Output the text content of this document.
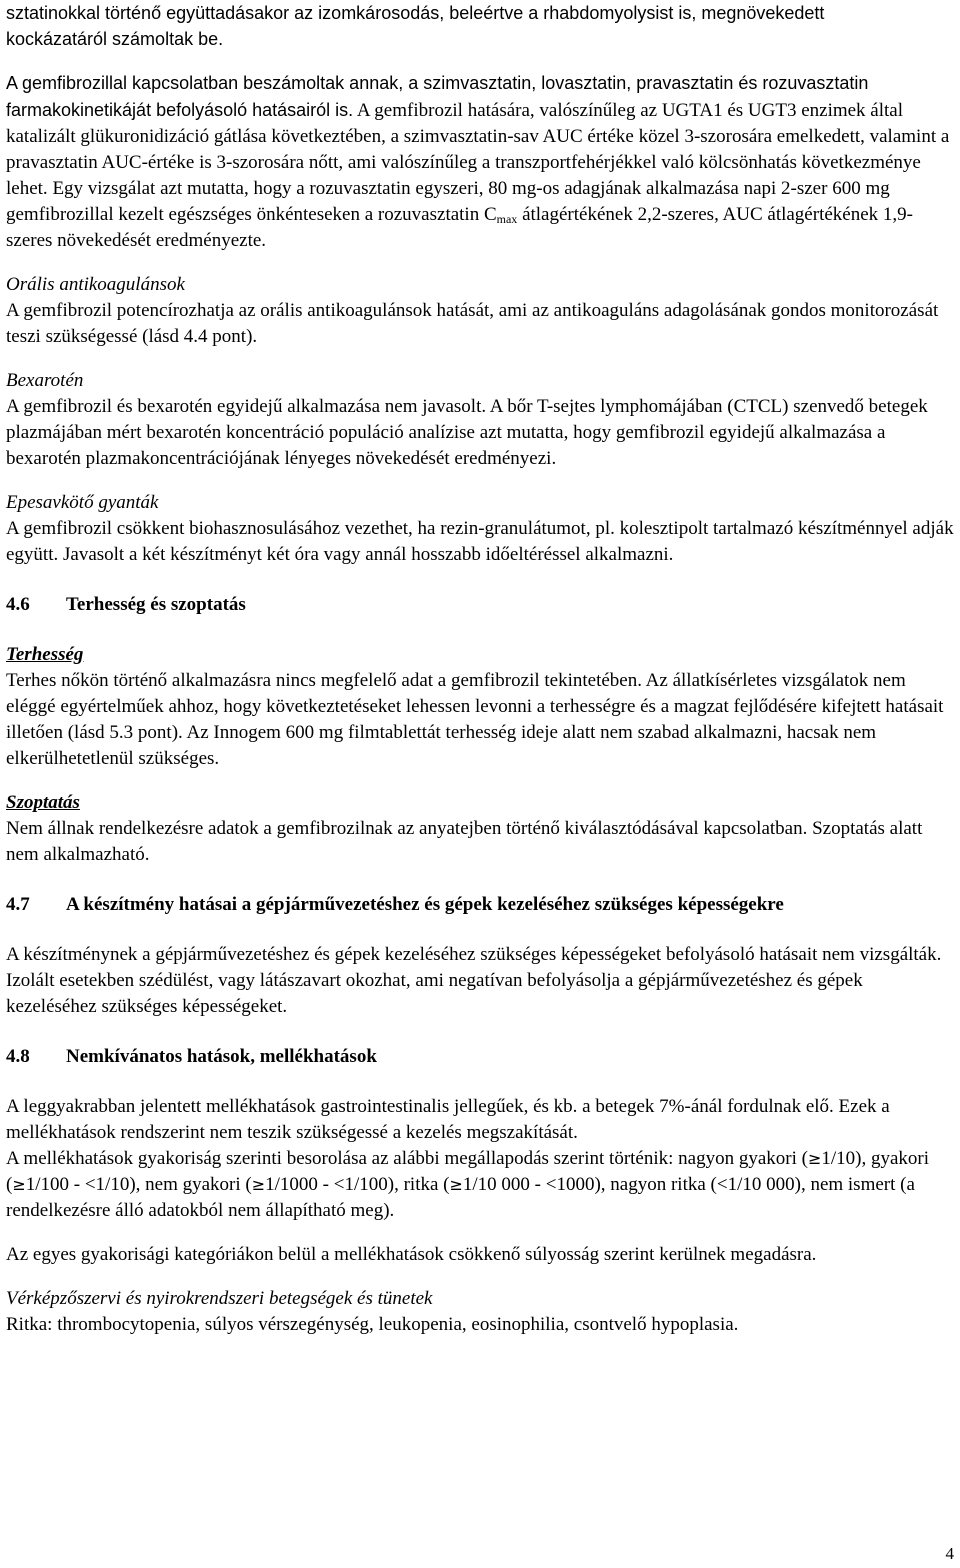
sztatinokkal történő együttadásakor az izomkárosodás, beleértve a rhabdomyolysist is, megnövekedett
kockázatáról számoltak be.

A gemfibrozillal kapcsolatban beszámoltak annak, a szimvasztatin, lovasztatin, pravasztatin és rozuvasztatin farmakokinetikáját befolyásoló hatásairól is. A gemfibrozil hatására, valószínűleg az UGTA1 és UGT3 enzimek által katalizált glükuronidizáció gátlása következtében, a szimvasztatin-sav AUC értéke közel 3-szorosára emelkedett, valamint a pravasztatin AUC-értéke is 3-szorosára nőtt, ami valószínűleg a transzportfehérjékkel való kölcsönhatás következménye lehet. Egy vizsgálat azt mutatta, hogy a rozuvasztatin egyszeri, 80 mg-os adagjának alkalmazása napi 2-szer 600 mg gemfibrozillal kezelt egészséges önkénteseken a rozuvasztatin $C_{max}$ átlagértékének 2,2-szeres, AUC átlagértékének 1,9-szeres növekedését eredményezte.

Orális antikoagulánsok

A gemfibrozil potencírozhatja az orális antikoagulánsok hatását, ami az antikoaguláns adagolásának gondos monitorozását teszi szükségessé (lásd 4.4 pont).

Bexarotén

A gemfibrozil és bexarotén egyidejű alkalmazása nem javasolt. A bőr T-sejtes lymphomájában (CTCL) szenvedő betegek plazmájában mért bexarotén koncentráció populáció analízise azt mutatta, hogy gemfibrozil egyidejű alkalmazása a bexarotén plazmakoncentrációjának lényeges növekedését eredményezi.

Epesavkötő gyanták

A gemfibrozil csökkent biohasznosulásához vezethet, ha rezin-granulátumot, pl. kolesztipolt tartalmazó készítménnyel adják együtt. Javasolt a két készítményt két óra vagy annál hosszabb időeltéréssel alkalmazni.

4.6 Terhesség és szoptatás

Terhesség

Terhes nőkön történő alkalmazásra nincs megfelelő adat a gemfibrozil tekintetében. Az állatkísérletes vizsgálatok nem eléggé egyértelműek ahhoz, hogy következtetéseket lehessen levonni a terhességre és a magzat fejlődésére kifejtett hatásait illetően (lásd 5.3 pont). Az Innogem 600 mg filmtablettát terhesség ideje alatt nem szabad alkalmazni, hacsak nem elkerülhetetlenül szükséges.

Szoptatás

Nem állnak rendelkezésre adatok a gemfibrozilnak az anyatejben történő kiválasztódásával kapcsolatban. Szoptatás alatt nem alkalmazható.

4.7 A készítmény hatásai a gépjárművezetéshez és gépek kezeléséhez szükséges képességekre

A készítménynek a gépjárművezetéshez és gépek kezeléséhez szükséges képességeket befolyásoló hatásait nem vizsgálták. Izolált esetekben szédülést, vagy látászavart okozhat, ami negatívan befolyásolja a gépjárművezetéshez és gépek kezeléséhez szükséges képességeket.

4.8 Nemkívánatos hatások, mellékhatások

A leggyakrabban jelentett mellékhatások gastrointestinalis jellegűek, és kb. a betegek 7%-ánál fordulnak elő. Ezek a mellékhatások rendszerint nem teszik szükségessé a kezelés megszakítását.

A mellékhatások gyakoriság szerinti besorolása az alábbi megállapodás szerint történik: nagyon gyakori (≥1/10), gyakori (≥1/100 - <1/10), nem gyakori (≥1/1000 - <1/100), ritka (≥1/10 000 - <1000), nagyon ritka (<1/10 000), nem ismert (a rendelkezésre álló adatokból nem állapítható meg).

Az egyes gyakorisági kategóriákon belül a mellékhatások csökkenő súlyosság szerint kerülnek megadásra.

Vérképzőszervi és nyirokrendszeri betegségek és tünetek

Ritka: thrombocytopenia, súlyos vérszegénység, leukopenia, eosinophilia, csontvelő hypoplasia.

4
